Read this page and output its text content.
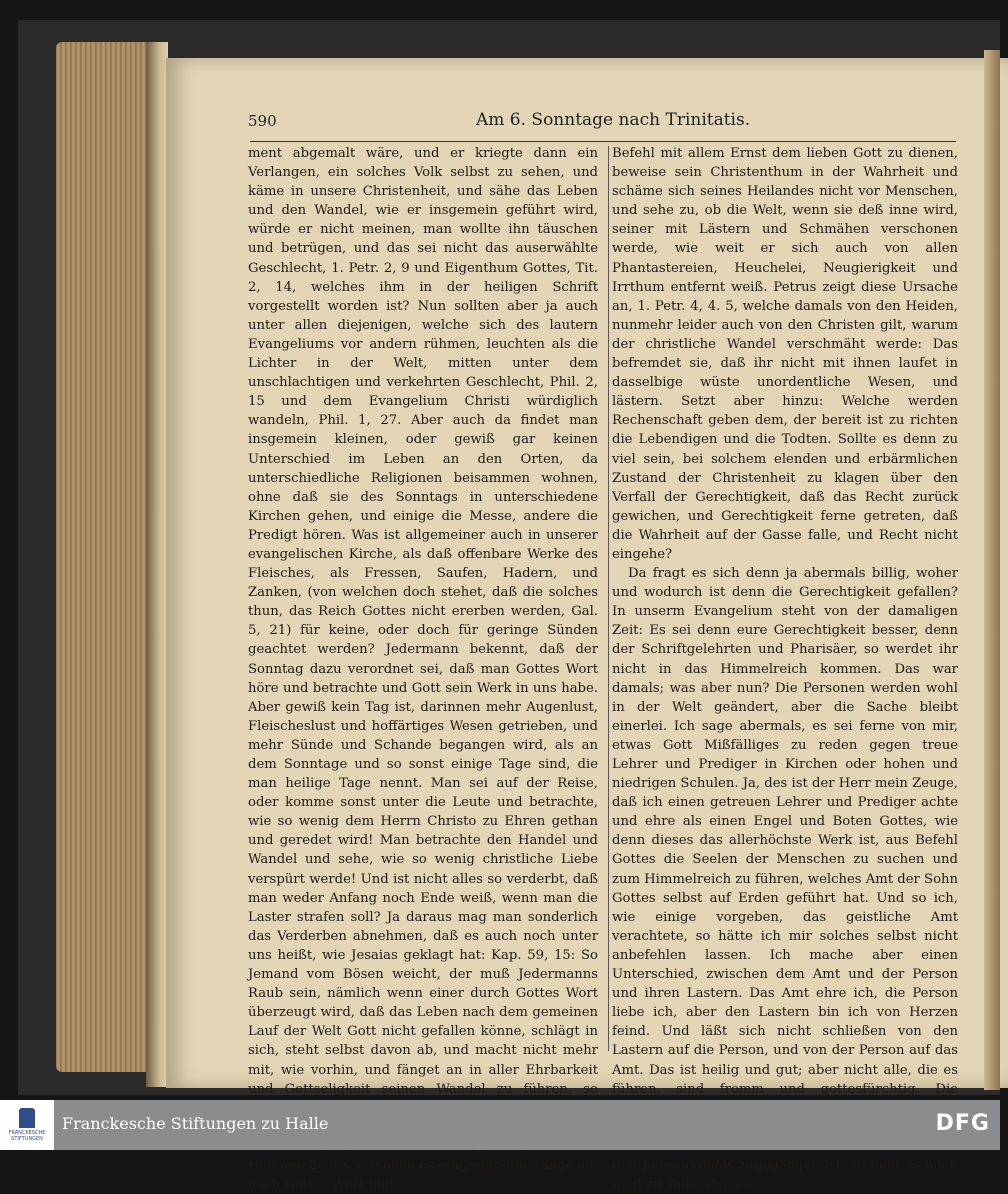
590	Am 6. Sonntage nach Trinitatis.

ment abgemalt wäre, und er kriegte dann ein Verlangen, ein solches Volk selbst zu sehen, und käme in unsere Christenheit, und sähe das Leben und den Wandel, wie er insgemein geführt wird, würde er nicht meinen, man wollte ihn täuschen und betrügen, und das sei nicht das auserwählte Geschlecht, 1. Petr. 2, 9 und Eigenthum Gottes, Tit. 2, 14, welches ihm in der heiligen Schrift vorgestellt worden ist? Nun sollten aber ja auch unter allen diejenigen, welche sich des lautern Evangeliums vor andern rühmen, leuchten als die Lichter in der Welt, mitten unter dem unschlachtigen und verkehrten Geschlecht, Phil. 2, 15 und dem Evangelium Christi würdiglich wandeln, Phil. 1, 27. Aber auch da findet man insgemein kleinen, oder gewiß gar keinen Unterschied im Leben an den Orten, da unterschiedliche Religionen beisammen wohnen, ohne daß sie des Sonntags in unterschiedene Kirchen gehen, und einige die Messe, andere die Predigt hören. Was ist allgemeiner auch in unserer evangelischen Kirche, als daß offenbare Werke des Fleisches, als Fressen, Saufen, Hadern, und Zanken, (von welchen doch stehet, daß die solches thun, das Reich Gottes nicht ererben werden, Gal. 5, 21) für keine, oder doch für geringe Sünden geachtet werden? Jedermann bekennt, daß der Sonntag dazu verordnet sei, daß man Gottes Wort höre und betrachte und Gott sein Werk in uns habe. Aber gewiß kein Tag ist, darinnen mehr Augenlust, Fleischeslust und hoffärtiges Wesen getrieben, und mehr Sünde und Schande begangen wird, als an dem Sonntage und so sonst einige Tage sind, die man heilige Tage nennt. Man sei auf der Reise, oder komme sonst unter die Leute und betrachte, wie so wenig dem Herrn Christo zu Ehren gethan und geredet wird! Man betrachte den Handel und Wandel und sehe, wie so wenig christliche Liebe verspürt werde! Und ist nicht alles so verderbt, daß man weder Anfang noch Ende weiß, wenn man die Laster strafen soll? Ja daraus mag man sonderlich das Verderben abnehmen, daß es auch noch unter uns heißt, wie Jesaias geklagt hat: Kap. 59, 15: So Jemand vom Bösen weicht, der muß Jedermanns Raub sein, nämlich wenn einer durch Gottes Wort überzeugt wird, daß das Leben nach dem gemeinen Lauf der Welt Gott nicht gefallen könne, schlägt in sich, steht selbst davon ab, und macht nicht mehr mit, wie vorhin, und fänget an in aller Ehrbarkeit und Gottseligkeit seinen Wandel zu führen, so Heiligen 2c. Es versuche es ein Jeder, und fange an, nach Gottes Wort und

Befehl mit allem Ernst dem lieben Gott zu dienen, beweise sein Christenthum in der Wahrheit und schäme sich seines Heilandes nicht vor Menschen, und sehe zu, ob die Welt, wenn sie deß inne wird, seiner mit Lästern und Schmähen verschonen werde, wie weit er sich auch von allen Phantastereien, Heuchelei, Neugierigkeit und Irrthum entfernt weiß. Petrus zeigt diese Ursache an, 1. Petr. 4, 4. 5, welche damals von den Heiden, nunmehr leider auch von den Christen gilt, warum der christliche Wandel verschmäht werde: Das befremdet sie, daß ihr nicht mit ihnen laufet in dasselbige wüste unordentliche Wesen, und lästern. Setzt aber hinzu: Welche werden Rechenschaft geben dem, der bereit ist zu richten die Lebendigen und die Todten. Sollte es denn zu viel sein, bei solchem elenden und erbärmlichen Zustand der Christenheit zu klagen über den Verfall der Gerechtigkeit, daß das Recht zurück gewichen, und Gerechtigkeit ferne getreten, daß die Wahrheit auf der Gasse falle, und Recht nicht eingehe?

Da fragt es sich denn ja abermals billig, woher und wodurch ist denn die Gerechtigkeit gefallen? In unserm Evangelium steht von der damaligen Zeit: Es sei denn eure Gerechtigkeit besser, denn der Schriftgelehrten und Pharisäer, so werdet ihr nicht in das Himmelreich kommen. Das war damals; was aber nun? Die Personen werden wohl in der Welt geändert, aber die Sache bleibt einerlei. Ich sage abermals, es sei ferne von mir, etwas Gott Mißfälliges zu reden gegen treue Lehrer und Prediger in Kirchen oder hohen und niedrigen Schulen. Ja, des ist der Herr mein Zeuge, daß ich einen getreuen Lehrer und Prediger achte und ehre als einen Engel und Boten Gottes, wie denn dieses das allerhöchste Werk ist, aus Befehl Gottes die Seelen der Menschen zu suchen und zum Himmelreich zu führen, welches Amt der Sohn Gottes selbst auf Erden geführt hat. Und so ich, wie einige vorgeben, das geistliche Amt verachtete, so hätte ich mir solches selbst nicht anbefehlen lassen. Ich mache aber einen Unterschied, zwischen dem Amt und der Person und ihren Lastern. Das Amt ehre ich, die Person liebe ich, aber den Lastern bin ich von Herzen feind. Und läßt sich nicht schließen von den Lastern auf die Person, und von der Person auf das Amt. Das ist heilig und gut; aber nicht alle, die es führen, sind fromm und gottesfürchtig. Die den Juden damals zugegangen ist, so geht es auch heut zu Tage. Bei je-

FRANCKESCHE STIFTUNGEN
Franckesche Stiftungen zu Halle	DFG
